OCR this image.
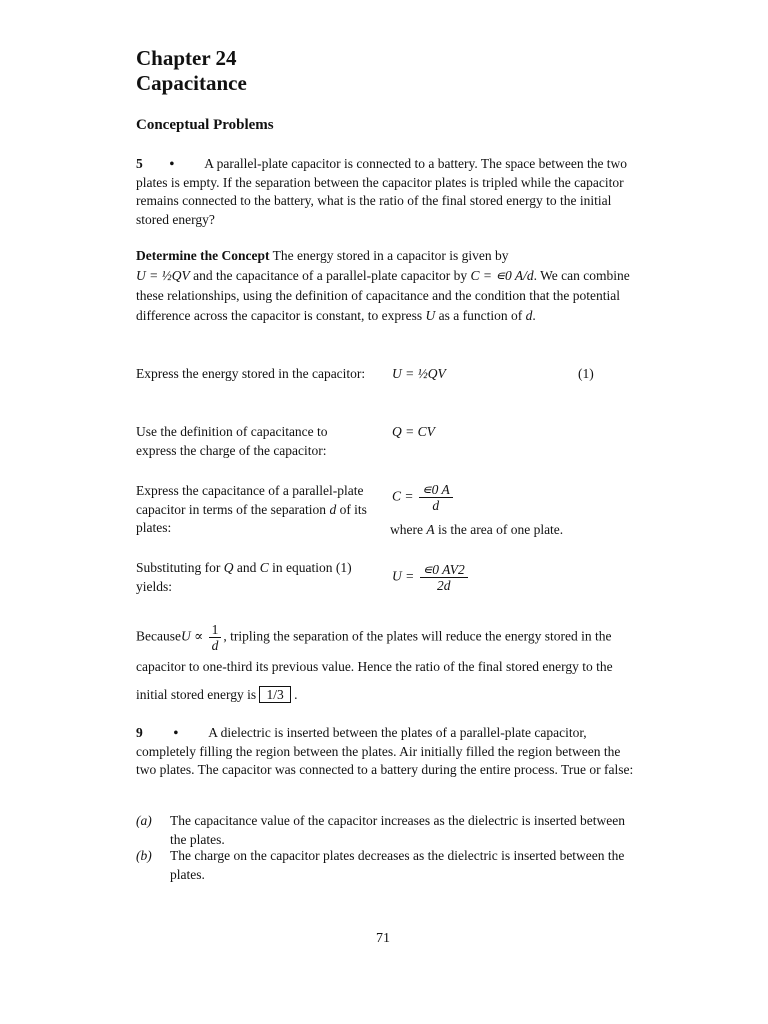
Chapter 24
Capacitance
Conceptual Problems
5 • A parallel-plate capacitor is connected to a battery. The space between the two plates is empty. If the separation between the capacitor plates is tripled while the capacitor remains connected to the battery, what is the ratio of the final stored energy to the initial stored energy?
Determine the Concept The energy stored in a capacitor is given by
U = ½QV and the capacitance of a parallel-plate capacitor by C = ∊0 A/d. We can combine these relationships, using the definition of capacitance and the condition that the potential difference across the capacitor is constant, to express U as a function of d.
Express the energy stored in the capacitor:	U = ½QV	(1)
Use the definition of capacitance to express the charge of the capacitor:
Q = CV
Express the capacitance of a parallel-plate capacitor in terms of the separation d of its plates:
$C = \frac{∊0 A}{d}$
where A is the area of one plate.
Substituting for Q and C in equation (1) yields:
$U = \frac{∊0 AV2}{2d}$
BecauseU ∝ $\frac{1}{d}$ , tripling the separation of the plates will reduce the energy stored in the capacitor to one-third its previous value. Hence the ratio of the final stored energy to the initial stored energy is 1/3 .
9 • A dielectric is inserted between the plates of a parallel-plate capacitor, completely filling the region between the plates. Air initially filled the region between the two plates. The capacitor was connected to a battery during the entire process. True or false:
(a) The capacitance value of the capacitor increases as the dielectric is inserted between the plates.
(b) The charge on the capacitor plates decreases as the dielectric is inserted between the plates.
71
